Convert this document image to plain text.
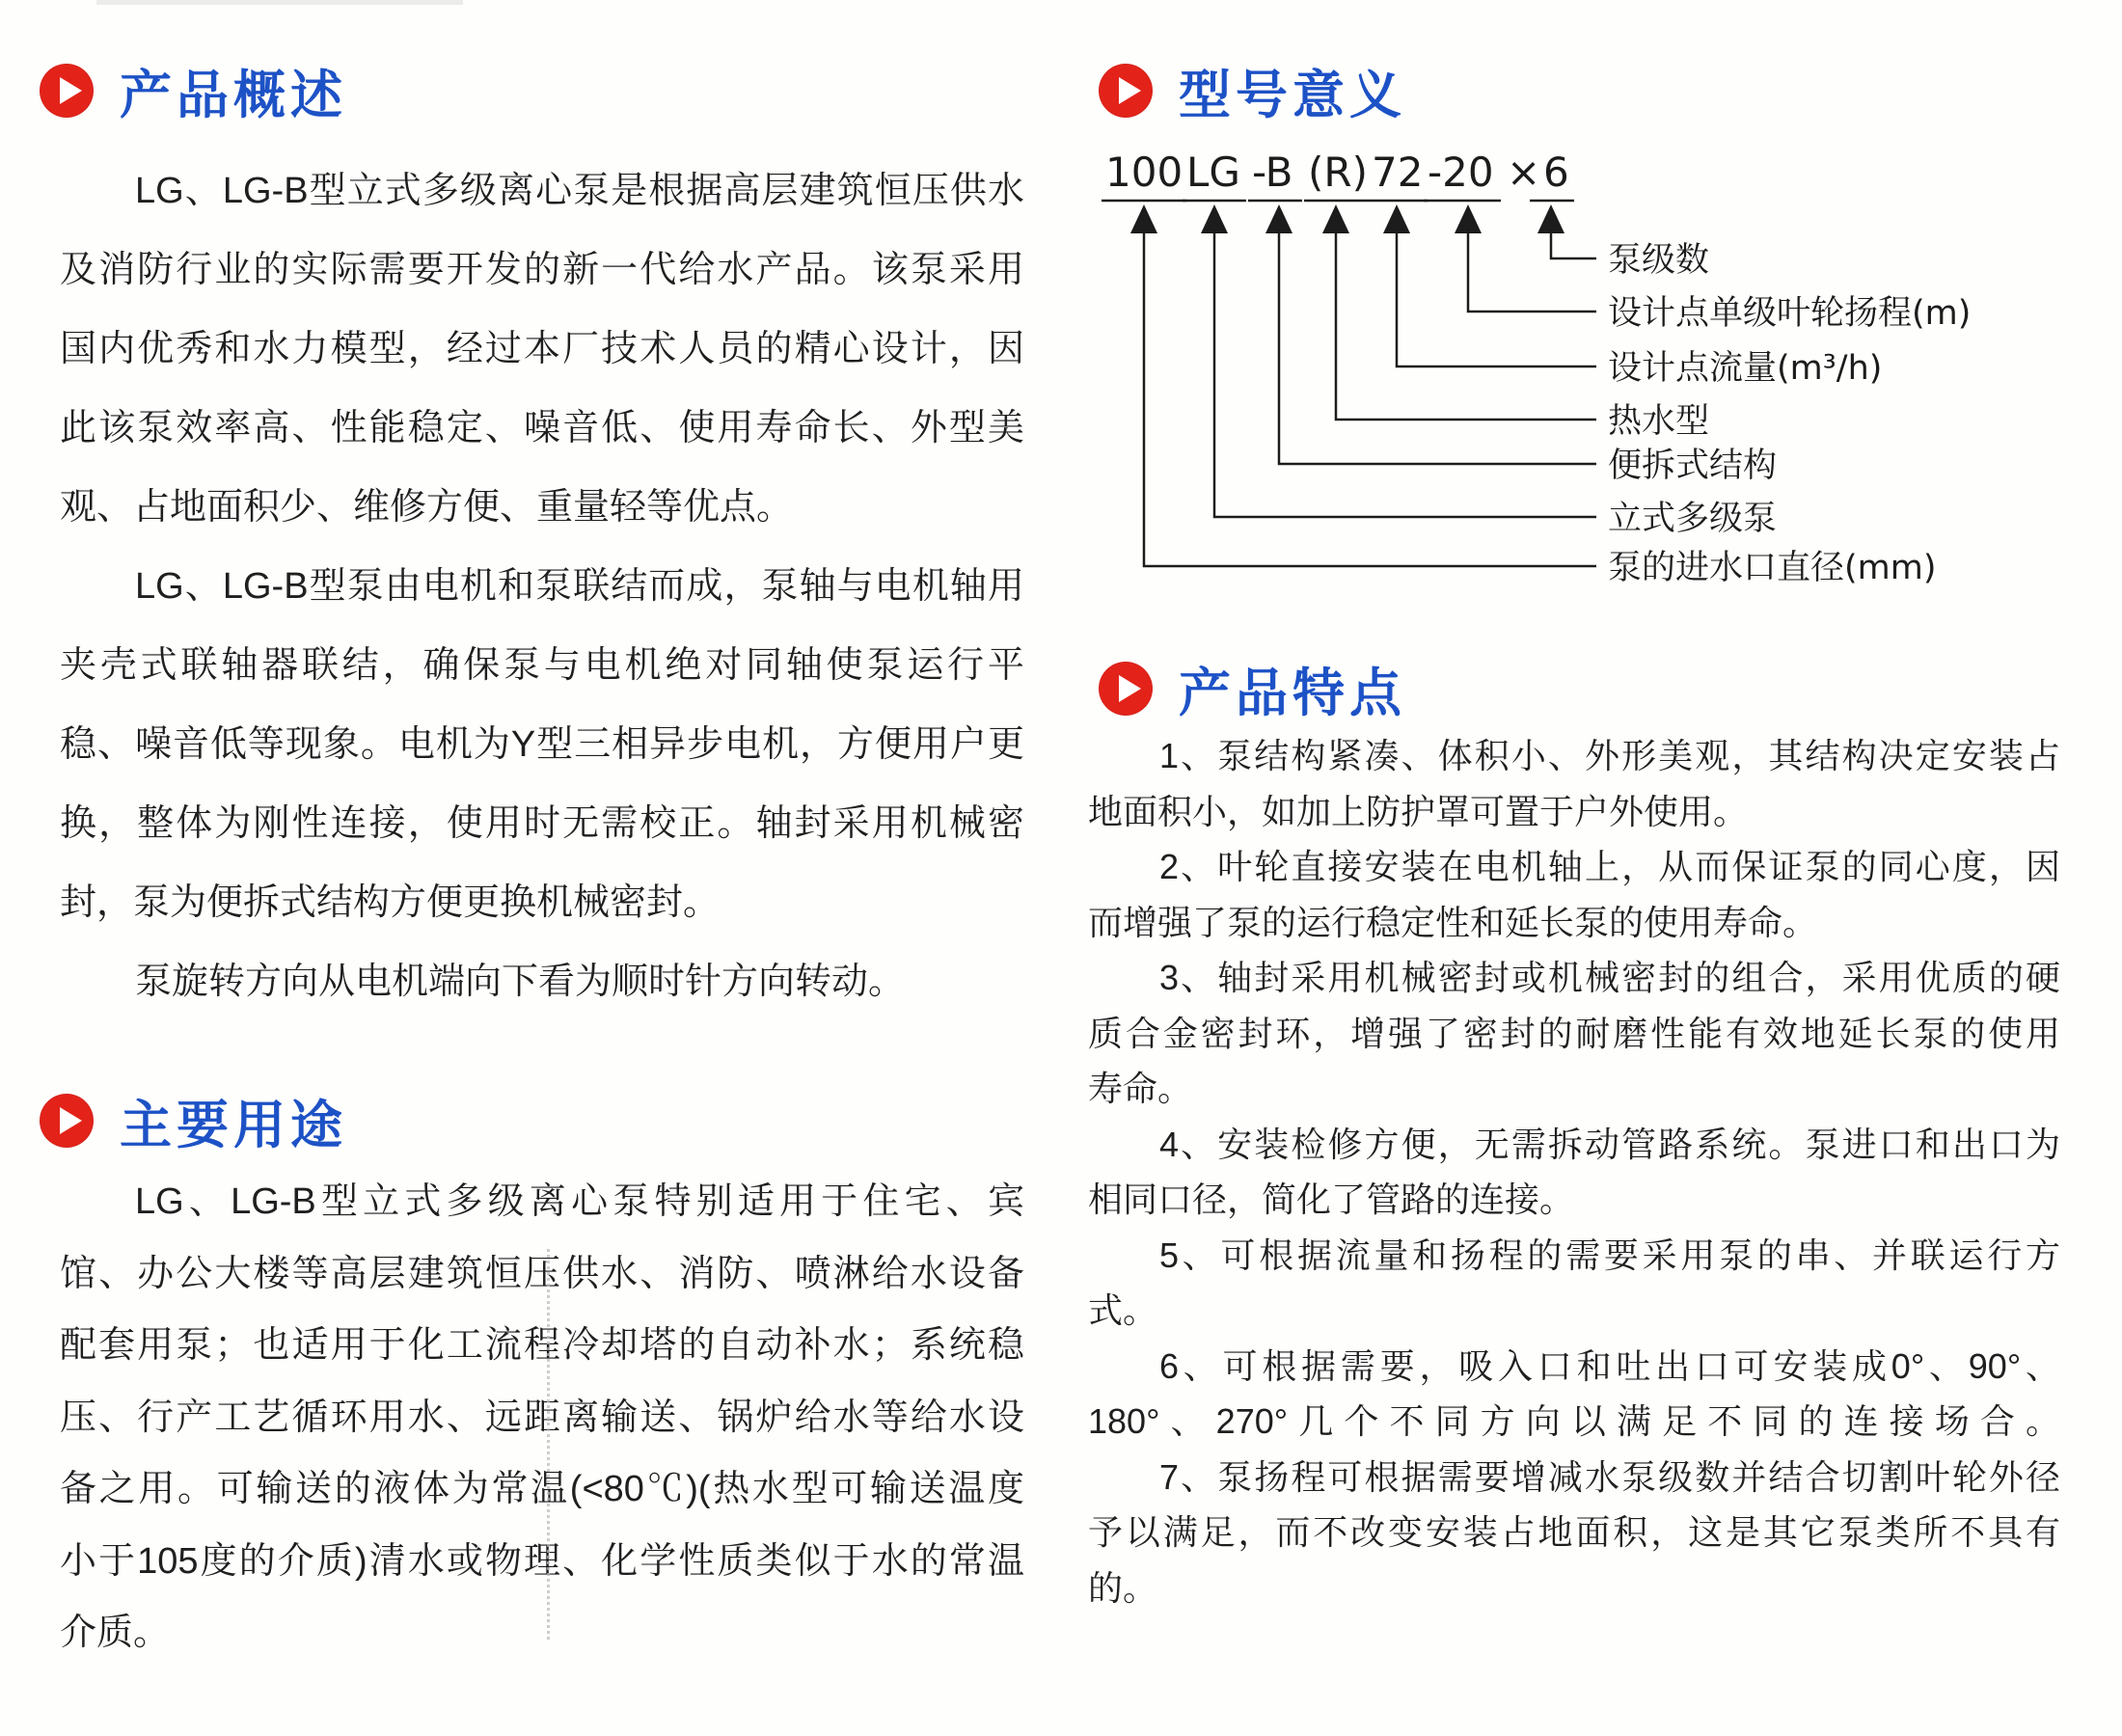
产品概述
LG、LG-B型立式多级离心泵是根据高层建筑恒压供水
及消防行业的实际需要开发的新一代给水产品。该泵采用
国内优秀和水力模型，经过本厂技术人员的精心设计，因
此该泵效率高、性能稳定、噪音低、使用寿命长、外型美
观、占地面积少、维修方便、重量轻等优点。
LG、LG-B型泵由电机和泵联结而成，泵轴与电机轴用
夹壳式联轴器联结，确保泵与电机绝对同轴使泵运行平
稳、噪音低等现象。电机为Y型三相异步电机，方便用户更
换，整体为刚性连接，使用时无需校正。轴封采用机械密
封，泵为便拆式结构方便更换机械密封。
泵旋转方向从电机端向下看为顺时针方向转动。
主要用途
LG、LG-B型立式多级离心泵特别适用于住宅、宾
馆、办公大楼等高层建筑恒压供水、消防、喷淋给水设备
配套用泵；也适用于化工流程冷却塔的自动补水；系统稳
压、行产工艺循环用水、远距离输送、锅炉给水等给水设
备之用。可输送的液体为常温(<80℃)(热水型可输送温度
小于105度的介质)清水或物理、化学性质类似于水的常温
介质。
型号意义
100 LG -B (R) 72 -20 × 6
泵级数
设计点单级叶轮扬程(m)
设计点流量(m³/h)
热水型
便拆式结构
立式多级泵
泵的进水口直径(mm)
产品特点
1、泵结构紧凑、体积小、外形美观，其结构决定安装占
地面积小，如加上防护罩可置于户外使用。
2、叶轮直接安装在电机轴上，从而保证泵的同心度，因
而增强了泵的运行稳定性和延长泵的使用寿命。
3、轴封采用机械密封或机械密封的组合，采用优质的硬
质合金密封环，增强了密封的耐磨性能有效地延长泵的使用
寿命。
4、安装检修方便，无需拆动管路系统。泵进口和出口为
相同口径，简化了管路的连接。
5、可根据流量和扬程的需要采用泵的串、并联运行方
式。
6、可根据需要，吸入口和吐出口可安装成0°、90°、
180°、270°几个不同方向以满足不同的连接场合。
7、泵扬程可根据需要增减水泵级数并结合切割叶轮外径
予以满足，而不改变安装占地面积，这是其它泵类所不具有
的。
